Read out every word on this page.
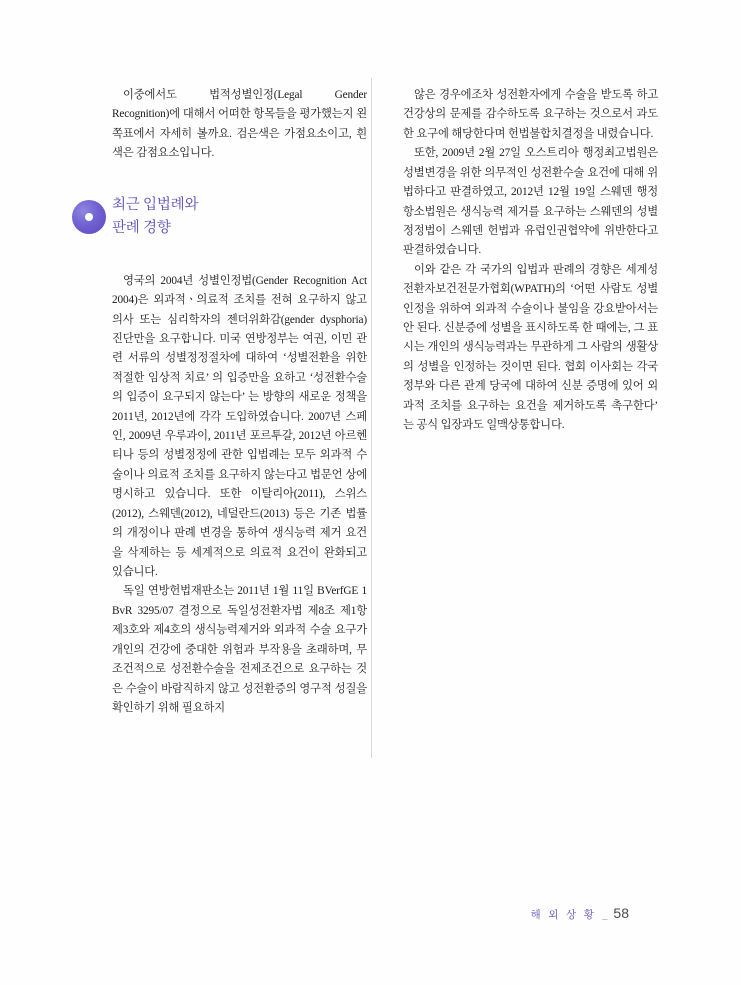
이중에서도 법적성별인정(Legal Gender Recognition)에 대해서 어떠한 항목들을 평가했는지 왼쪽표에서 자세히 볼까요. 검은색은 가점요소이고, 흰 색은 감점요소입니다.

최근 입법례와
판례 경향

영국의 2004년 성별인정법(Gender Recognition Act 2004)은 외과적ㆍ의료적 조치를 전혀 요구하지 않고 의사 또는 심리학자의 젠더위화감(gender dysphoria) 진단만을 요구합니다. 미국 연방정부는 여권, 이민 관련 서류의 성별정정절차에 대하여 ‘성별전환을 위한 적절한 임상적 치료’ 의 입증만을 요하고 ‘성전환수술의 입증이 요구되지 않는다’ 는 방향의 새로운 정책을 2011년, 2012년에 각각 도입하였습니다. 2007년 스페인, 2009년 우루과이, 2011년 포르투갈, 2012년 아르헨티나 등의 성별정정에 관한 입법례는 모두 외과적 수술이나 의료적 조치를 요구하지 않는다고 법문언 상에 명시하고 있습니다. 또한 이탈리아(2011), 스위스(2012), 스웨덴(2012), 네덜란드(2013) 등은 기존 법률의 개정이나 판례 변경을 통하여 생식능력 제거 요건을 삭제하는 등 세계적으로 의료적 요건이 완화되고 있습니다.

독일 연방헌법재판소는 2011년 1월 11일 BVerfGE 1 BvR 3295/07 결정으로 독일성전환자법 제8조 제1항 제3호와 제4호의 생식능력제거와 외과적 수술 요구가 개인의 건강에 중대한 위험과 부작용을 초래하며, 무조건적으로 성전환수술을 전제조건으로 요구하는 것은 수술이 바람직하지 않고 성전환증의 영구적 성질을 확인하기 위해 필요하지

않은 경우에조차 성전환자에게 수술을 받도록 하고 건강상의 문제를 감수하도록 요구하는 것으로서 과도한 요구에 해당한다며 헌법불합치결정을 내렸습니다.

또한, 2009년 2월 27일 오스트리아 행정최고법원은 성별변경을 위한 의무적인 성전환수술 요건에 대해 위법하다고 판결하였고, 2012년 12월 19일 스웨덴 행정항소법원은 생식능력 제거를 요구하는 스웨덴의 성별정정법이 스웨덴 헌법과 유럽인권협약에 위반한다고 판결하였습니다.

이와 같은 각 국가의 입법과 판례의 경향은 세계성전환자보건전문가협회(WPATH)의 ‘어떤 사람도 성별 인정을 위하여 외과적 수술이나 불임을 강요받아서는 안 된다. 신분증에 성별을 표시하도록 한 때에는, 그 표시는 개인의 생식능력과는 무관하게 그 사람의 생활상의 성별을 인정하는 것이면 된다. 협회 이사회는 각국 정부와 다른 관계 당국에 대하여 신분 증명에 있어 외과적 조치를 요구하는 요건을 제거하도록 촉구한다’ 는 공식 입장과도 일맥상통합니다.

해 외 상 황 _ 58
